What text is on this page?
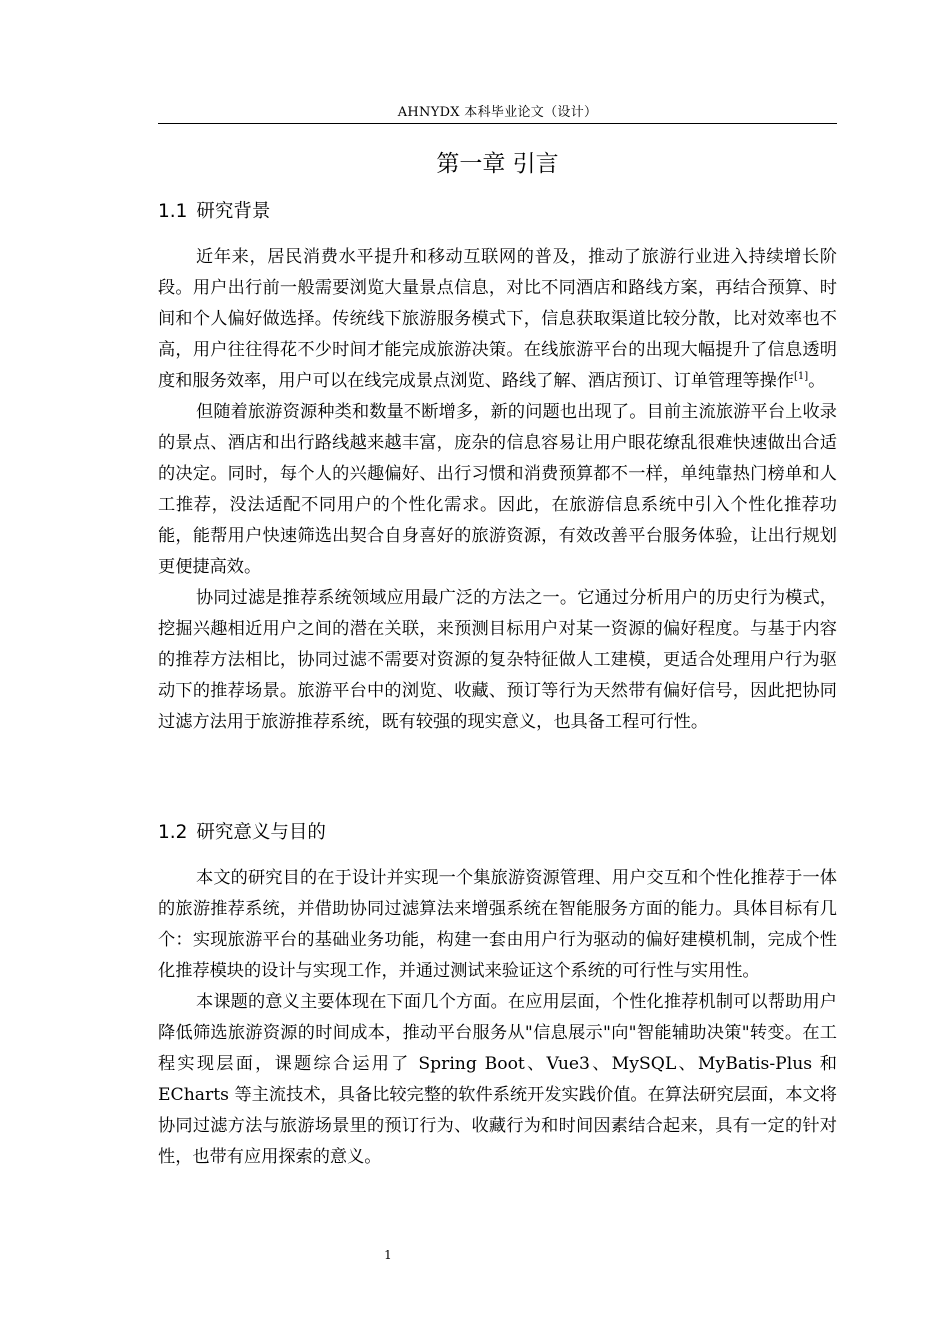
AHNYDX 本科毕业论文（设计）
第一章 引言
1.1 研究背景

近年来，居民消费水平提升和移动互联网的普及，推动了旅游行业进入持续增长阶段。用户出行前一般需要浏览大量景点信息，对比不同酒店和路线方案，再结合预算、时间和个人偏好做选择。传统线下旅游服务模式下，信息获取渠道比较分散，比对效率也不高，用户往往得花不少时间才能完成旅游决策。在线旅游平台的出现大幅提升了信息透明度和服务效率，用户可以在线完成景点浏览、路线了解、酒店预订、订单管理等操作[1]。

但随着旅游资源种类和数量不断增多，新的问题也出现了。目前主流旅游平台上收录的景点、酒店和出行路线越来越丰富，庞杂的信息容易让用户眼花缭乱很难快速做出合适的决定。同时，每个人的兴趣偏好、出行习惯和消费预算都不一样，单纯靠热门榜单和人工推荐，没法适配不同用户的个性化需求。因此，在旅游信息系统中引入个性化推荐功能，能帮用户快速筛选出契合自身喜好的旅游资源，有效改善平台服务体验，让出行规划更便捷高效。

协同过滤是推荐系统领域应用最广泛的方法之一。它通过分析用户的历史行为模式，挖掘兴趣相近用户之间的潜在关联，来预测目标用户对某一资源的偏好程度。与基于内容的推荐方法相比，协同过滤不需要对资源的复杂特征做人工建模，更适合处理用户行为驱动下的推荐场景。旅游平台中的浏览、收藏、预订等行为天然带有偏好信号，因此把协同过滤方法用于旅游推荐系统，既有较强的现实意义，也具备工程可行性。

1.2 研究意义与目的

本文的研究目的在于设计并实现一个集旅游资源管理、用户交互和个性化推荐于一体的旅游推荐系统，并借助协同过滤算法来增强系统在智能服务方面的能力。具体目标有几个：实现旅游平台的基础业务功能，构建一套由用户行为驱动的偏好建模机制，完成个性化推荐模块的设计与实现工作，并通过测试来验证这个系统的可行性与实用性。

本课题的意义主要体现在下面几个方面。在应用层面，个性化推荐机制可以帮助用户降低筛选旅游资源的时间成本，推动平台服务从"信息展示"向"智能辅助决策"转变。在工程实现层面，课题综合运用了 Spring Boot、Vue3、MySQL、MyBatis-Plus 和 ECharts 等主流技术，具备比较完整的软件系统开发实践价值。在算法研究层面，本文将协同过滤方法与旅游场景里的预订行为、收藏行为和时间因素结合起来，具有一定的针对性，也带有应用探索的意义。

1
